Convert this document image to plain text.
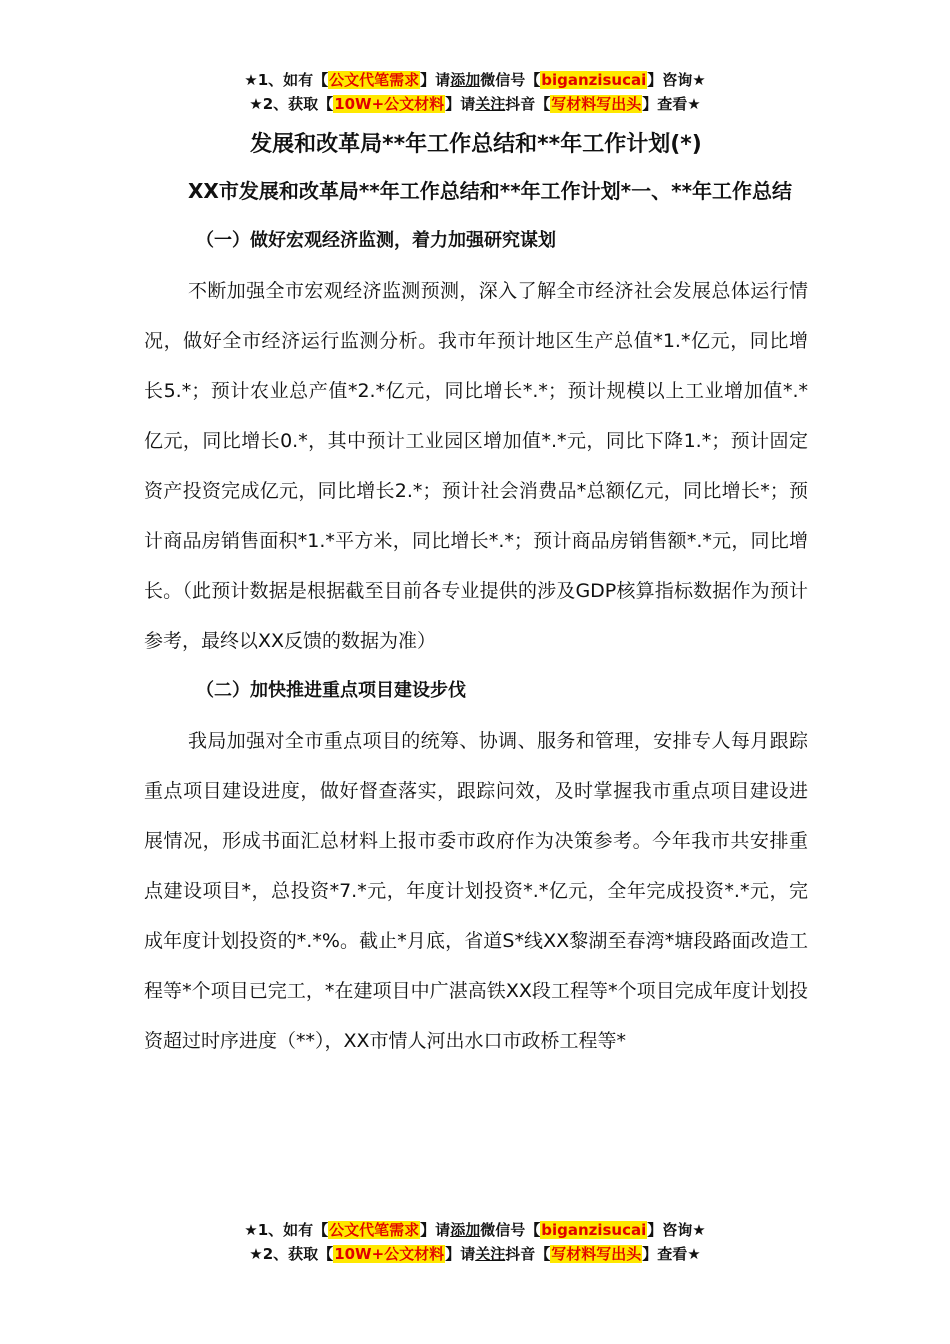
★1、如有【公文代笔需求】请添加微信号【biganzisucai】咨询★
★2、获取【10W+公文材料】请关注抖音【写材料写出头】查看★

发展和改革局**年工作总结和**年工作计划(*)

XX市发展和改革局**年工作总结和**年工作计划*一、**年工作总结

（一）做好宏观经济监测，着力加强研究谋划

不断加强全市宏观经济监测预测，深入了解全市经济社会发展总体运行情况，做好全市经济运行监测分析。我市年预计地区生产总值*1.*亿元，同比增长5.*；预计农业总产值*2.*亿元，同比增长*.*；预计规模以上工业增加值*.*亿元，同比增长0.*，其中预计工业园区增加值*.*元，同比下降1.*；预计固定资产投资完成亿元，同比增长2.*；预计社会消费品*总额亿元，同比增长*；预计商品房销售面积*1.*平方米，同比增长*.*；预计商品房销售额*.*元，同比增长。（此预计数据是根据截至目前各专业提供的涉及GDP核算指标数据作为预计参考，最终以XX反馈的数据为准）

（二）加快推进重点项目建设步伐

我局加强对全市重点项目的统筹、协调、服务和管理，安排专人每月跟踪重点项目建设进度，做好督查落实，跟踪问效，及时掌握我市重点项目建设进展情况，形成书面汇总材料上报市委市政府作为决策参考。今年我市共安排重点建设项目*，总投资*7.*元，年度计划投资*.*亿元，全年完成投资*.*元，完成年度计划投资的*.*%。截止*月底，省道S*线XX黎湖至春湾*塘段路面改造工程等*个项目已完工，*在建项目中广湛高铁XX段工程等*个项目完成年度计划投资超过时序进度（**），XX市情人河出水口市政桥工程等*

★1、如有【公文代笔需求】请添加微信号【biganzisucai】咨询★
★2、获取【10W+公文材料】请关注抖音【写材料写出头】查看★
